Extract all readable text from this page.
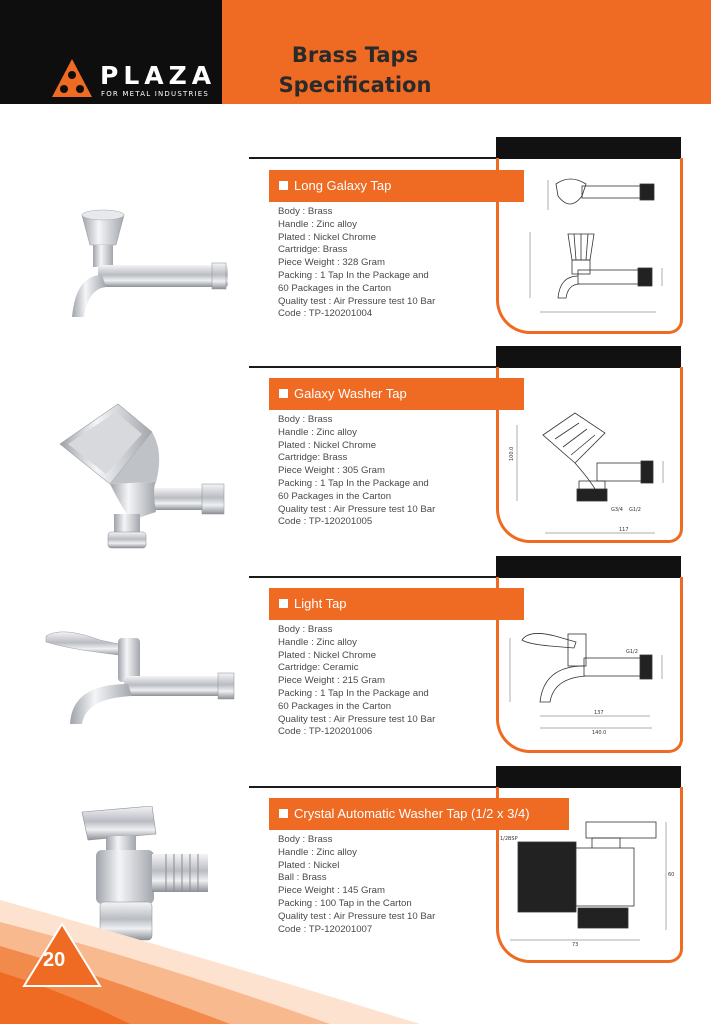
PLAZA
FOR METAL INDUSTRIES
Brass Taps
Specification
Long Galaxy Tap
Body : Brass
Handle : Zinc alloy
Plated : Nickel Chrome
Cartridge: Brass
Piece Weight : 328 Gram
Packing : 1 Tap In the Package and
60 Packages in the Carton
Quality test : Air Pressure test 10 Bar
Code : TP-120201004
Galaxy Washer Tap
Body : Brass
Handle : Zinc alloy
Plated : Nickel Chrome
Cartridge: Brass
Piece Weight : 305 Gram
Packing : 1 Tap In the Package and
60 Packages in the Carton
Quality test : Air Pressure test 10 Bar
Code : TP-120201005
100.0
117
G3/4 G1/2
Light Tap
Body : Brass
Handle : Zinc alloy
Plated : Nickel Chrome
Cartridge: Ceramic
Piece Weight : 215 Gram
Packing : 1 Tap In the Package and
60 Packages in the Carton
Quality test : Air Pressure test 10 Bar
Code : TP-120201006
G1/2
137
140.0
Crystal Automatic Washer Tap (1/2 x 3/4)
Body : Brass
Handle : Zinc alloy
Plated : Nickel
Ball : Brass
Piece Weight : 145 Gram
Packing : 100 Tap in the Carton
Quality test : Air Pressure test 10 Bar
Code : TP-120201007
1/2BSP
60
73
20
